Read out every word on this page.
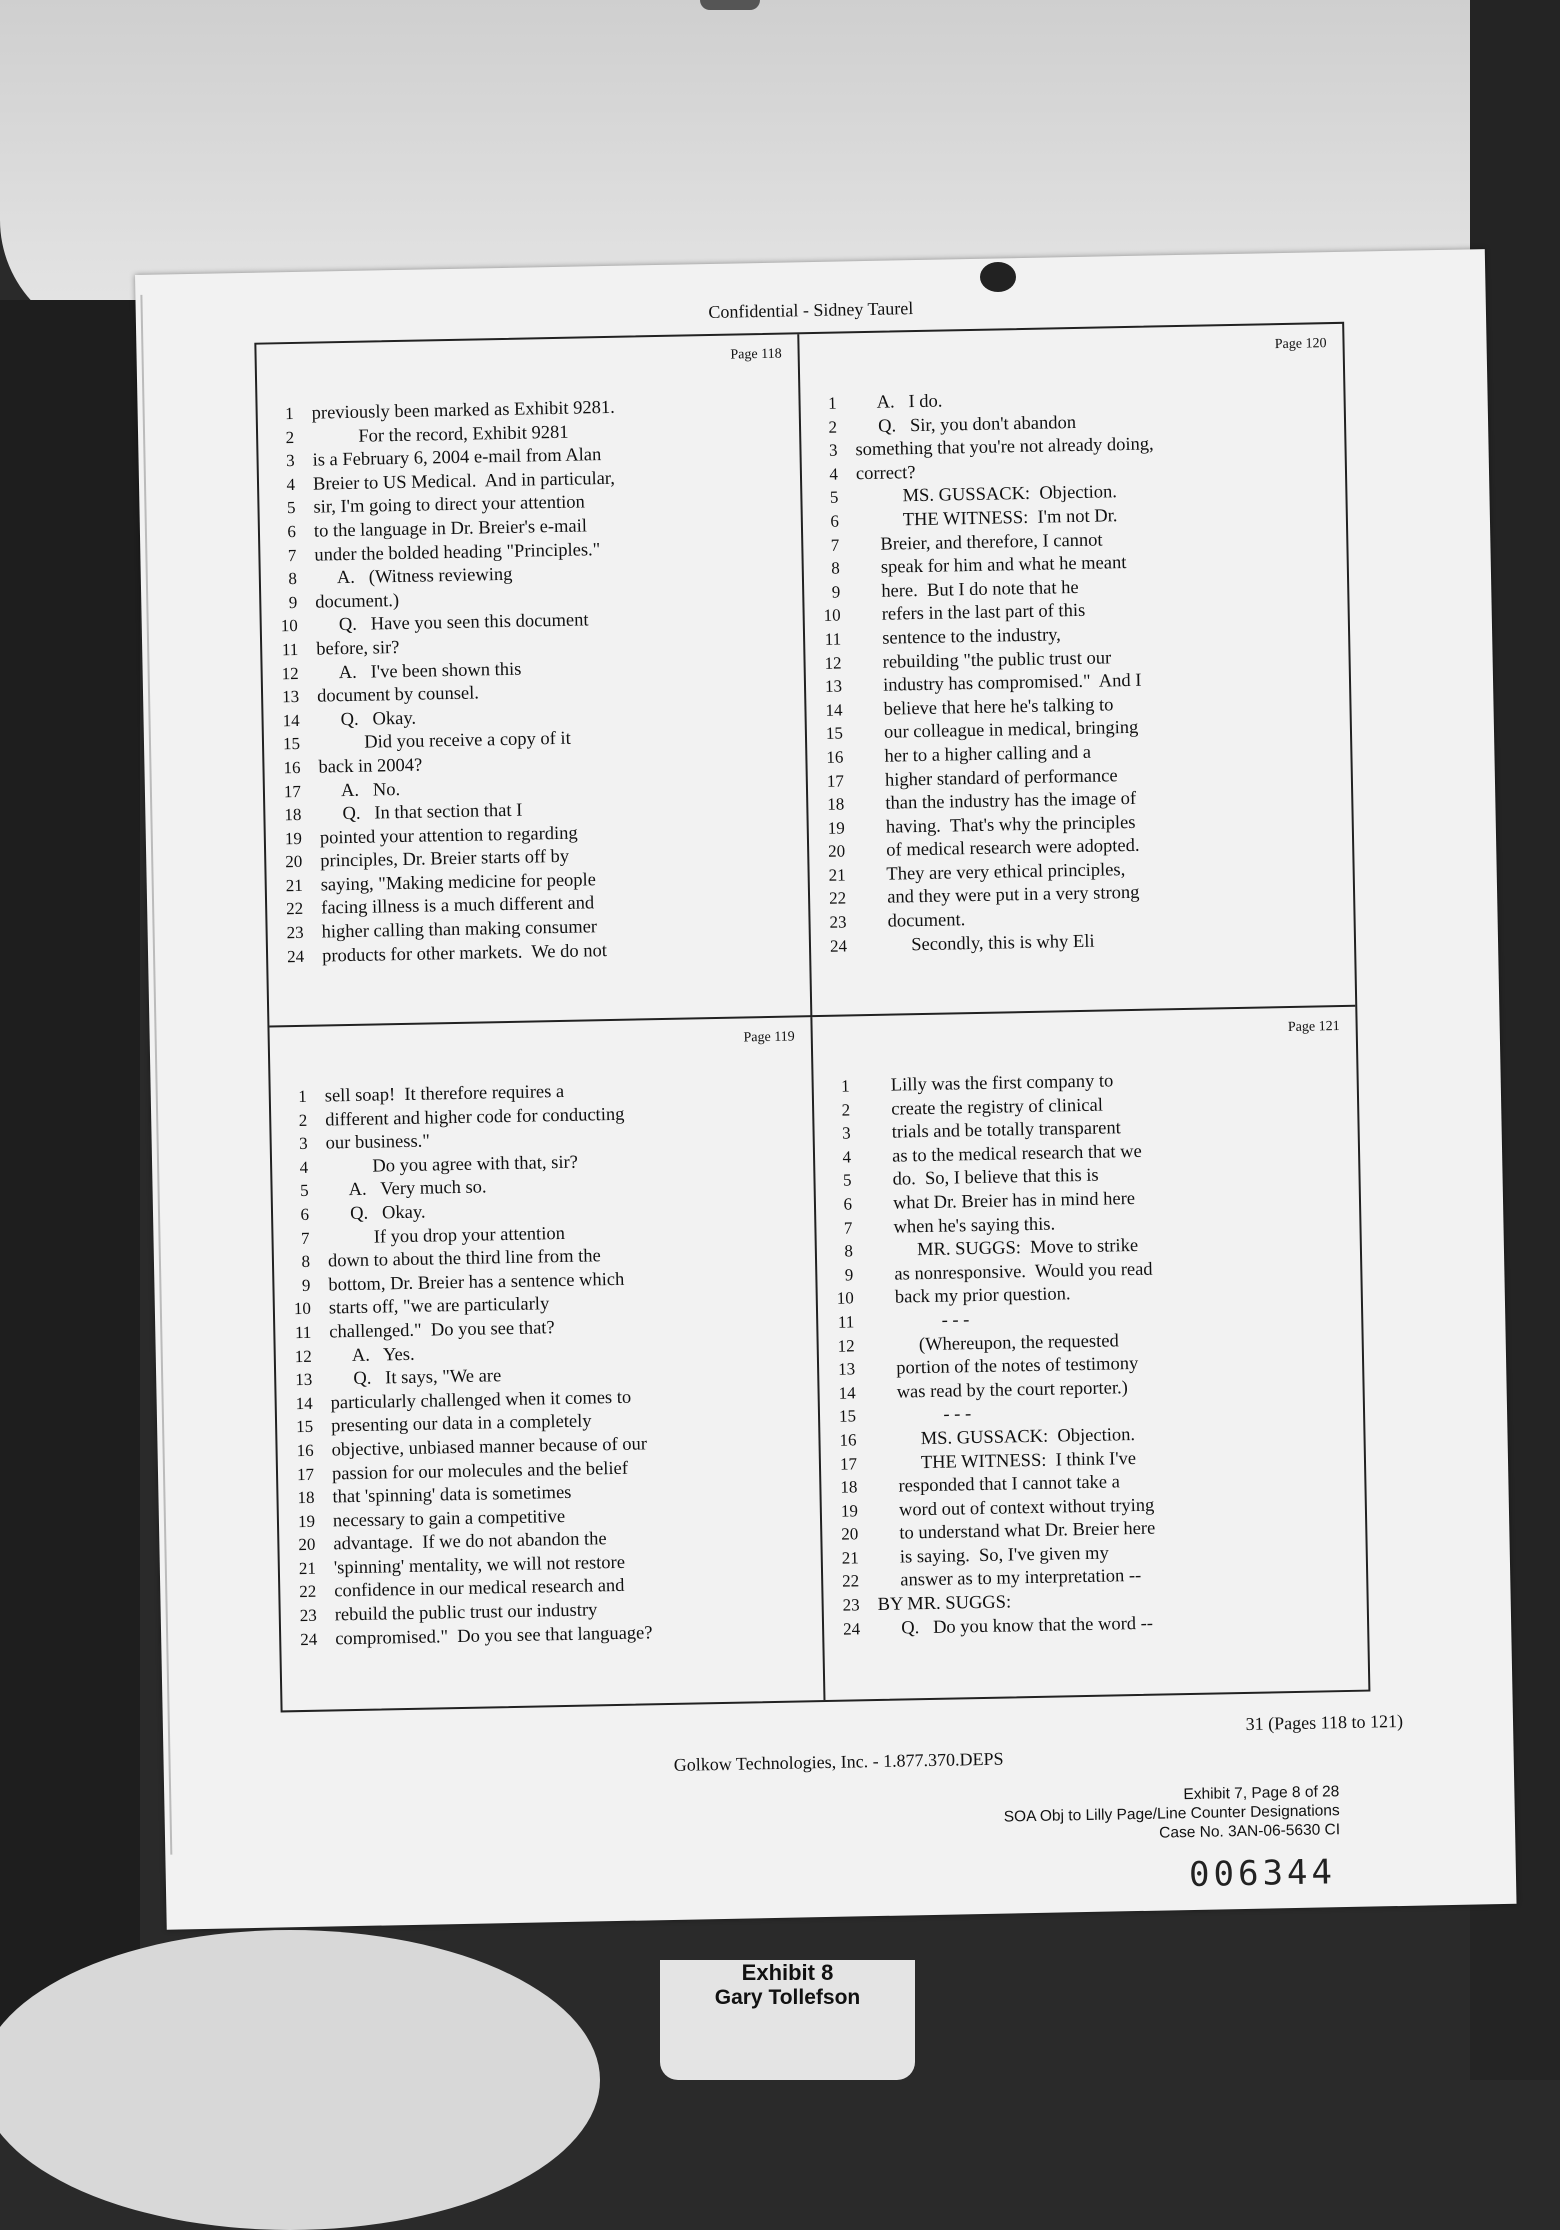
Confidential - Sidney Taurel
Page 118
1 previously been marked as Exhibit 9281.
2 For the record, Exhibit 9281
3 is a February 6, 2004 e-mail from Alan
4 Breier to US Medical.  And in particular,
5 sir, I'm going to direct your attention
6 to the language in Dr. Breier's e-mail
7 under the bolded heading "Principles."
8 A.   (Witness reviewing
9 document.)
10 Q.   Have you seen this document
11 before, sir?
12 A.   I've been shown this
13 document by counsel.
14 Q.   Okay.
15 Did you receive a copy of it
16 back in 2004?
17 A.   No.
18 Q.   In that section that I
19 pointed your attention to regarding
20 principles, Dr. Breier starts off by
21 saying, "Making medicine for people
22 facing illness is a much different and
23 higher calling than making consumer
24 products for other markets.  We do not
Page 120
1 A.   I do.
2 Q.   Sir, you don't abandon
3 something that you're not already doing,
4 correct?
5 MS. GUSSACK:  Objection.
6 THE WITNESS:  I'm not Dr.
7 Breier, and therefore, I cannot
8 speak for him and what he meant
9 here.  But I do note that he
10 refers in the last part of this
11 sentence to the industry,
12 rebuilding "the public trust our
13 industry has compromised."  And I
14 believe that here he's talking to
15 our colleague in medical, bringing
16 her to a higher calling and a
17 higher standard of performance
18 than the industry has the image of
19 having.  That's why the principles
20 of medical research were adopted.
21 They are very ethical principles,
22 and they were put in a very strong
23 document.
24 Secondly, this is why Eli
Page 119
1 sell soap!  It therefore requires a
2 different and higher code for conducting
3 our business."
4 Do you agree with that, sir?
5 A.   Very much so.
6 Q.   Okay.
7 If you drop your attention
8 down to about the third line from the
9 bottom, Dr. Breier has a sentence which
10 starts off, "we are particularly
11 challenged."  Do you see that?
12 A.   Yes.
13 Q.   It says, "We are
14 particularly challenged when it comes to
15 presenting our data in a completely
16 objective, unbiased manner because of our
17 passion for our molecules and the belief
18 that 'spinning' data is sometimes
19 necessary to gain a competitive
20 advantage.  If we do not abandon the
21 'spinning' mentality, we will not restore
22 confidence in our medical research and
23 rebuild the public trust our industry
24 compromised."  Do you see that language?
Page 121
1 Lilly was the first company to
2 create the registry of clinical
3 trials and be totally transparent
4 as to the medical research that we
5 do.  So, I believe that this is
6 what Dr. Breier has in mind here
7 when he's saying this.
8 MR. SUGGS:  Move to strike
9 as nonresponsive.  Would you read
10 back my prior question.
11 - - -
12 (Whereupon, the requested
13 portion of the notes of testimony
14 was read by the court reporter.)
15 - - -
16 MS. GUSSACK:  Objection.
17 THE WITNESS:  I think I've
18 responded that I cannot take a
19 word out of context without trying
20 to understand what Dr. Breier here
21 is saying.  So, I've given my
22 answer as to my interpretation --
23 BY MR. SUGGS:
24 Q.   Do you know that the word --
31 (Pages 118 to 121)
Golkow Technologies, Inc. - 1.877.370.DEPS
Exhibit 7, Page 8 of 28
SOA Obj to Lilly Page/Line Counter Designations
Case No. 3AN-06-5630 CI
006344
Exhibit 8
Gary Tollefson
